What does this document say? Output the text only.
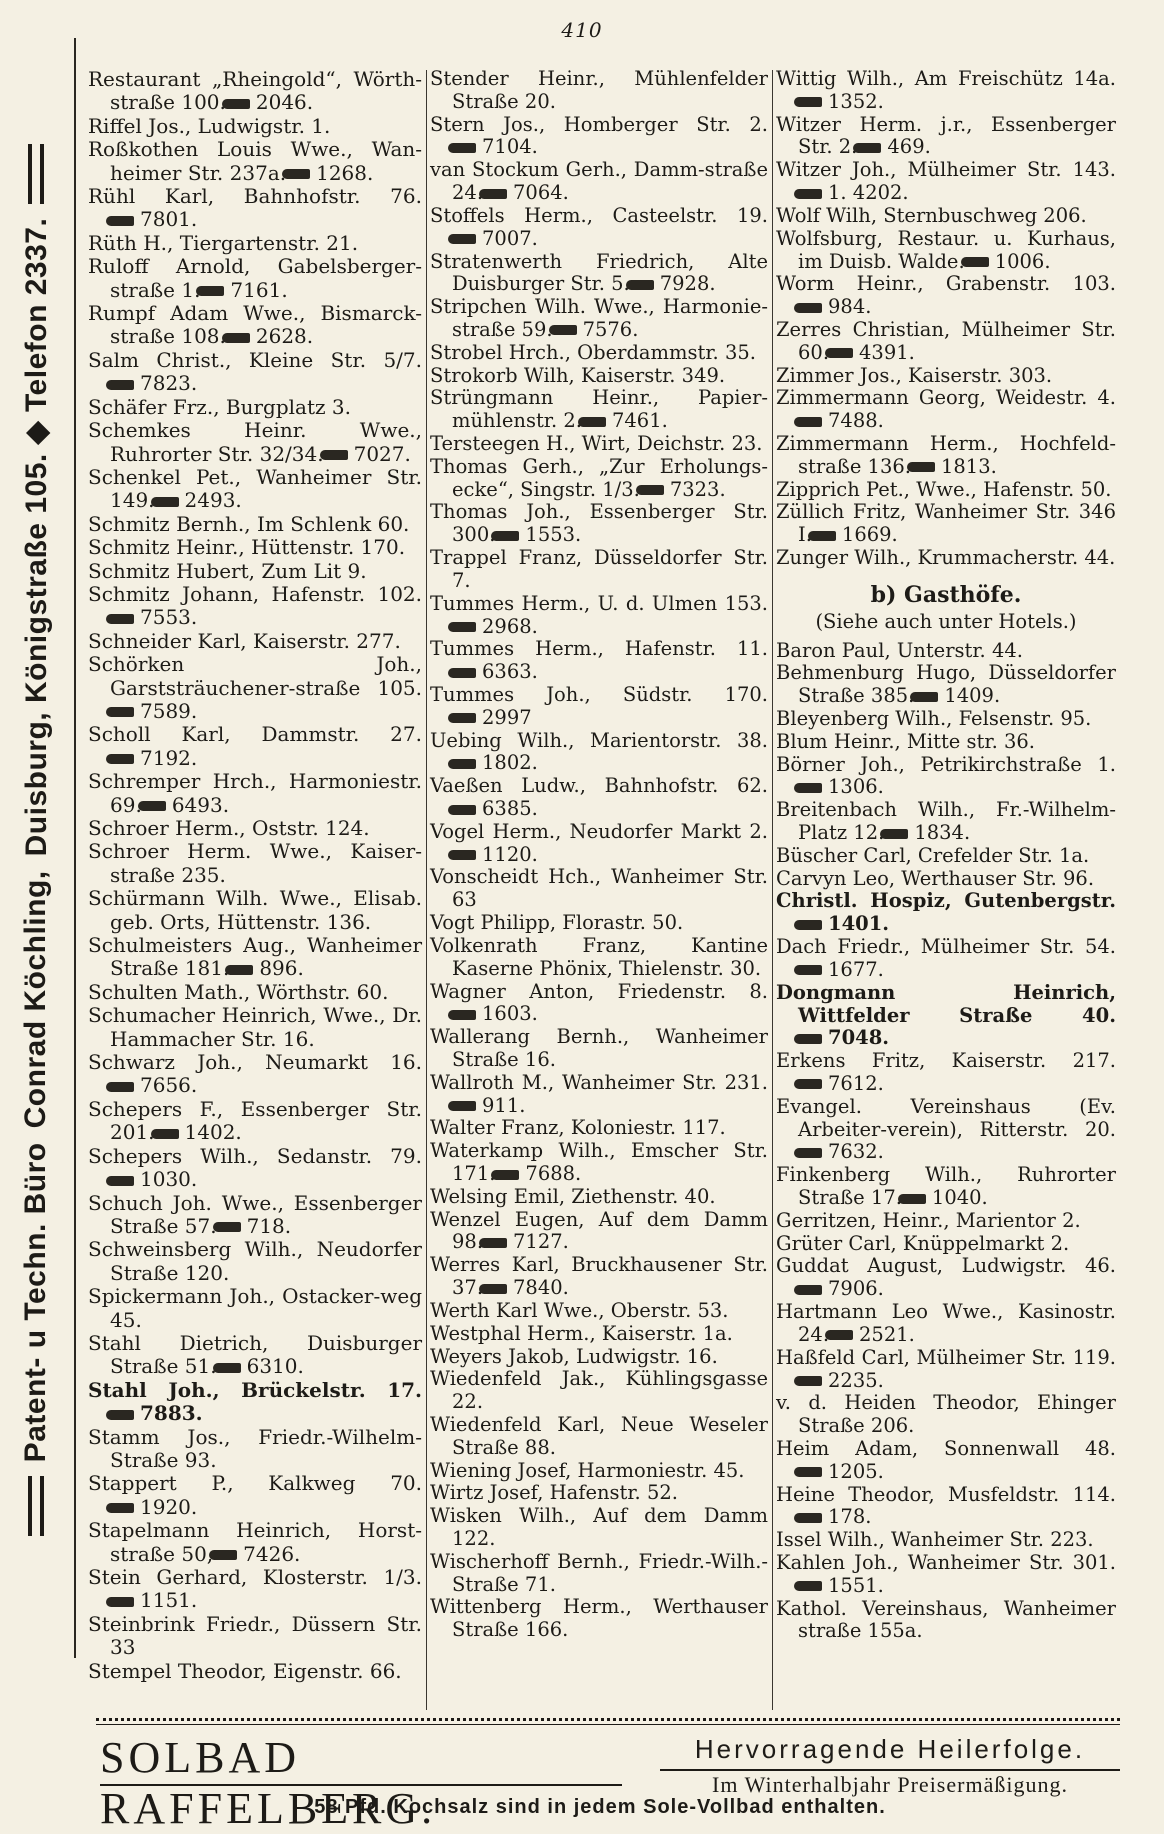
410
Patent- u Techn. Büro
Conrad Köchling,
Duisburg, Königstraße 105. ◆ Telefon 2337.

Restaurant „Rheingold“, Wörth-straße 100. 2046.

Riffel Jos., Ludwigstr. 1.

Roßkothen Louis Wwe., Wan-heimer Str. 237a. 1268.

Rühl Karl, Bahnhofstr. 76.7801.

Rüth H., Tiergartenstr. 21.

Ruloff Arnold, Gabelsberger-straße 1. 7161.

Rumpf Adam Wwe., Bismarck-straße 108. 2628.

Salm Christ., Kleine Str. 5/7.7823.

Schäfer Frz., Burgplatz 3.

Schemkes Heinr. Wwe., Ruhrorter Str. 32/34. 7027.

Schenkel Pet., Wanheimer Str. 149. 2493.

Schmitz Bernh., Im Schlenk 60.

Schmitz Heinr., Hüttenstr. 170.

Schmitz Hubert, Zum Lit 9.

Schmitz Johann, Hafenstr. 102.7553.

Schneider Karl, Kaiserstr. 277.

Schörken Joh., Garststräuchener-straße 105.7589.

Scholl Karl, Dammstr. 27.7192.

Schremper Hrch., Harmoniestr. 69. 6493.

Schroer Herm., Oststr. 124.

Schroer Herm. Wwe., Kaiser-straße 235.

Schürmann Wilh. Wwe., Elisab. geb. Orts, Hüttenstr. 136.

Schulmeisters Aug., Wanheimer Straße 181. 896.

Schulten Math., Wörthstr. 60.

Schumacher Heinrich, Wwe., Dr. Hammacher Str. 16.

Schwarz Joh., Neumarkt 16.7656.

Schepers F., Essenberger Str. 201. 1402.

Schepers Wilh., Sedanstr. 79.1030.

Schuch Joh. Wwe., Essenberger Straße 57. 718.

Schweinsberg Wilh., Neudorfer Straße 120.

Spickermann Joh., Ostacker-weg 45.

Stahl Dietrich, Duisburger Straße 51. 6310.

Stahl Joh., Brückelstr. 17.7883.

Stamm Jos., Friedr.-Wilhelm-Straße 93.

Stappert P., Kalkweg 70.1920.

Stapelmann Heinrich, Horst-straße 50, 7426.

Stein Gerhard, Klosterstr. 1/3.1151.

Steinbrink Friedr., Düssern Str. 33

Stempel Theodor, Eigenstr. 66.

Stender Heinr., Mühlenfelder Straße 20.

Stern Jos., Homberger Str. 2.7104.

van Stockum Gerh., Damm-straße 24. 7064.

Stoffels Herm., Casteelstr. 19.7007.

Stratenwerth Friedrich, Alte Duisburger Str. 5. 7928.

Stripchen Wilh. Wwe., Harmonie-straße 59. 7576.

Strobel Hrch., Oberdammstr. 35.

Strokorb Wilh, Kaiserstr. 349.

Strüngmann Heinr., Papier-mühlenstr. 2. 7461.

Tersteegen H., Wirt, Deichstr. 23.

Thomas Gerh., „Zur Erholungs-ecke“, Singstr. 1/3. 7323.

Thomas Joh., Essenberger Str. 300. 1553.

Trappel Franz, Düsseldorfer Str. 7.

Tummes Herm., U. d. Ulmen 153.2968.

Tummes Herm., Hafenstr. 11.6363.

Tummes Joh., Südstr. 170.2997

Uebing Wilh., Marientorstr. 38.1802.

Vaeßen Ludw., Bahnhofstr. 62.6385.

Vogel Herm., Neudorfer Markt 2.1120.

Vonscheidt Hch., Wanheimer Str. 63

Vogt Philipp, Florastr. 50.

Volkenrath Franz, Kantine Kaserne Phönix, Thielenstr. 30.

Wagner Anton, Friedenstr. 8.1603.

Wallerang Bernh., Wanheimer Straße 16.

Wallroth M., Wanheimer Str. 231.911.

Walter Franz, Koloniestr. 117.

Waterkamp Wilh., Emscher Str. 171. 7688.

Welsing Emil, Ziethenstr. 40.

Wenzel Eugen, Auf dem Damm 98. 7127.

Werres Karl, Bruckhausener Str. 37. 7840.

Werth Karl Wwe., Oberstr. 53.

Westphal Herm., Kaiserstr. 1a.

Weyers Jakob, Ludwigstr. 16.

Wiedenfeld Jak., Kühlingsgasse 22.

Wiedenfeld Karl, Neue Weseler Straße 88.

Wiening Josef, Harmoniestr. 45.

Wirtz Josef, Hafenstr. 52.

Wisken Wilh., Auf dem Damm 122.

Wischerhoff Bernh., Friedr.-Wilh.-Straße 71.

Wittenberg Herm., Werthauser Straße 166.

Wittig Wilh., Am Freischütz 14a.1352.

Witzer Herm. j.r., Essenberger Str. 2. 469.

Witzer Joh., Mülheimer Str. 143.1. 4202.

Wolf Wilh, Sternbuschweg 206.

Wolfsburg, Restaur. u. Kurhaus, im Duisb. Walde. 1006.

Worm Heinr., Grabenstr. 103.984.

Zerres Christian, Mülheimer Str. 60. 4391.

Zimmer Jos., Kaiserstr. 303.

Zimmermann Georg, Weidestr. 4.7488.

Zimmermann Herm., Hochfeld-straße 136. 1813.

Zipprich Pet., Wwe., Hafenstr. 50.

Züllich Fritz, Wanheimer Str. 346 I. 1669.

Zunger Wilh., Krummacherstr. 44.

b) Gasthöfe.
(Siehe auch unter Hotels.)

Baron Paul, Unterstr. 44.

Behmenburg Hugo, Düsseldorfer Straße 385. 1409.

Bleyenberg Wilh., Felsenstr. 95.

Blum Heinr., Mitte str. 36.

Börner Joh., Petrikirchstraße 1.1306.

Breitenbach Wilh., Fr.-Wilhelm-Platz 12. 1834.

Büscher Carl, Crefelder Str. 1a.

Carvyn Leo, Werthauser Str. 96.

Christl. Hospiz, Gutenbergstr.1401.

Dach Friedr., Mülheimer Str. 54.1677.

Dongmann Heinrich, Wittfelder Straße 40.7048.

Erkens Fritz, Kaiserstr. 217.7612.

Evangel. Vereinshaus (Ev. Arbeiter-verein), Ritterstr. 20.7632.

Finkenberg Wilh., Ruhrorter Straße 17. 1040.

Gerritzen, Heinr., Marientor 2.

Grüter Carl, Knüppelmarkt 2.

Guddat August, Ludwigstr. 46.7906.

Hartmann Leo Wwe., Kasinostr. 24. 2521.

Haßfeld Carl, Mülheimer Str. 119.2235.

v. d. Heiden Theodor, Ehinger Straße 206.

Heim Adam, Sonnenwall 48.1205.

Heine Theodor, Musfeldstr. 114.178.

Issel Wilh., Wanheimer Str. 223.

Kahlen Joh., Wanheimer Str. 301.1551.

Kathol. Vereinshaus, Wanheimer straße 155a.

SOLBAD RAFFELBERG.
Hervorragende Heilerfolge.
Im Winterhalbjahr Preisermäßigung.
58 Pfd. Kochsalz sind in jedem Sole-Vollbad enthalten.
